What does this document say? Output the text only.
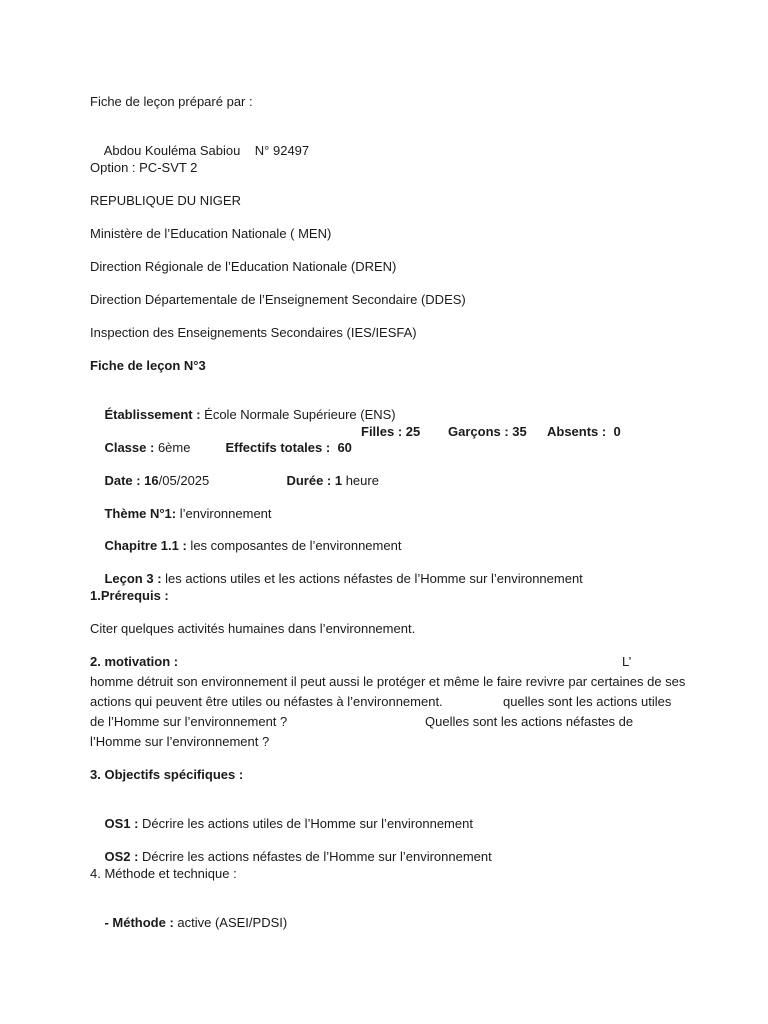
Fiche de leçon préparé par :

Abdou Kouléma Sabiou N° 92497

Option : PC-SVT 2
REPUBLIQUE DU NIGER
Ministère de l’Education Nationale ( MEN)
Direction Régionale de l’Education Nationale (DREN)
Direction Départementale de l’Enseignement Secondaire (DDES)
Inspection des Enseignements Secondaires (IES/IESFA)
Fiche de leçon N°3

Établissement : École Normale Supérieure (ENS)

Classe : 6ème
	Effectifs totales : 60

Filles : 25 Garçons : 35 Absents :  0

Date : 16/05/2025
	Durée : 1 heure

Thème N°1: l’environnement

Chapitre 1.1 : les composantes de l’environnement

Leçon 3 : les actions utiles et les actions néfastes de l’Homme sur l’environnement

1.Prérequis :
Citer quelques activités humaines dans l’environnement.
2. motivation :	L’
homme détruit son environnement il peut aussi le protéger et même le faire revivre par certaines de ses
actions qui peuvent être utiles ou néfastes à l’environnement.	quelles sont les actions utiles
de l’Homme sur l’environnement ?	Quelles sont les actions néfastes de
l’Homme sur l’environnement ?
3. Objectifs spécifiques :

OS1 : Décrire les actions utiles de l’Homme sur l’environnement

OS2 : Décrire les actions néfastes de l’Homme sur l’environnement

4. Méthode et technique :

- Méthode : active (ASEI/PDSI)
